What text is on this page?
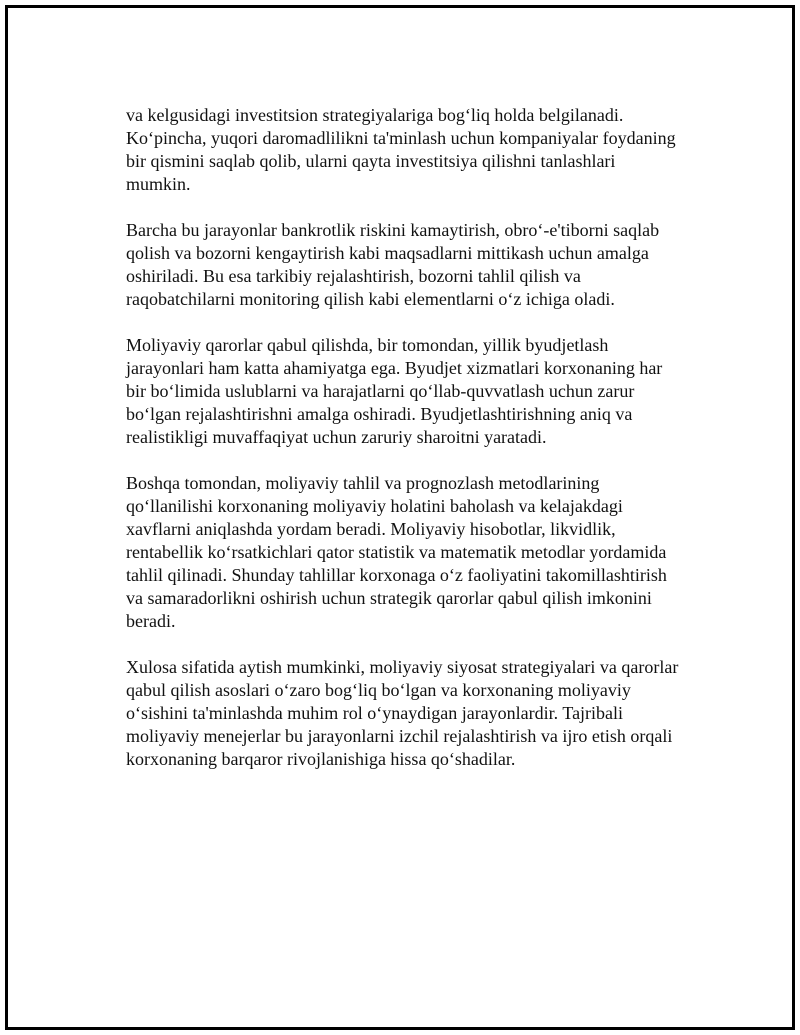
va kelgusidagi investitsion strategiyalariga bog‘liq holda belgilanadi.
Ko‘pincha, yuqori daromadlilikni ta'minlash uchun kompaniyalar foydaning
bir qismini saqlab qolib, ularni qayta investitsiya qilishni tanlashlari
mumkin.

Barcha bu jarayonlar bankrotlik riskini kamaytirish, obro‘-e'tiborni saqlab
qolish va bozorni kengaytirish kabi maqsadlarni mittikash uchun amalga
oshiriladi. Bu esa tarkibiy rejalashtirish, bozorni tahlil qilish va
raqobatchilarni monitoring qilish kabi elementlarni o‘z ichiga oladi.

Moliyaviy qarorlar qabul qilishda, bir tomondan, yillik byudjetlash
jarayonlari ham katta ahamiyatga ega. Byudjet xizmatlari korxonaning har
bir bo‘limida uslublarni va harajatlarni qo‘llab-quvvatlash uchun zarur
bo‘lgan rejalashtirishni amalga oshiradi. Byudjetlashtirishning aniq va
realistikligi muvaffaqiyat uchun zaruriy sharoitni yaratadi.

Boshqa tomondan, moliyaviy tahlil va prognozlash metodlarining
qo‘llanilishi korxonaning moliyaviy holatini baholash va kelajakdagi
xavflarni aniqlashda yordam beradi. Moliyaviy hisobotlar, likvidlik,
rentabellik ko‘rsatkichlari qator statistik va matematik metodlar yordamida
tahlil qilinadi. Shunday tahlillar korxonaga o‘z faoliyatini takomillashtirish
va samaradorlikni oshirish uchun strategik qarorlar qabul qilish imkonini
beradi.

Xulosa sifatida aytish mumkinki, moliyaviy siyosat strategiyalari va qarorlar
qabul qilish asoslari o‘zaro bog‘liq bo‘lgan va korxonaning moliyaviy
o‘sishini ta'minlashda muhim rol o‘ynaydigan jarayonlardir. Tajribali
moliyaviy menejerlar bu jarayonlarni izchil rejalashtirish va ijro etish orqali
korxonaning barqaror rivojlanishiga hissa qo‘shadilar.
